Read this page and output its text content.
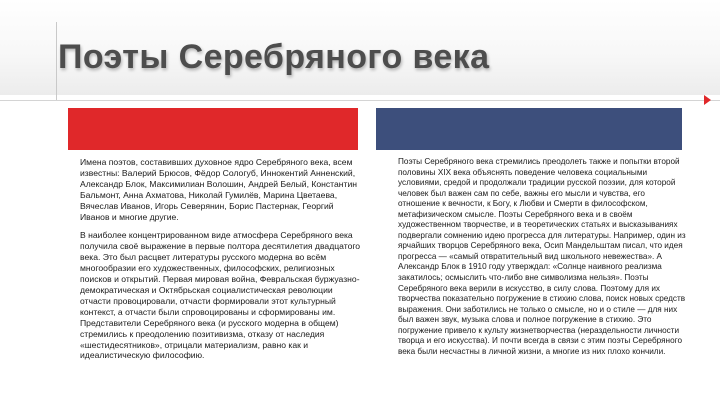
Поэты Серебряного века

Имена поэтов, составивших духовное ядро Серебряного века, всем известны: Валерий Брюсов, Фёдор Сологуб, Иннокентий Анненский, Александр Блок, Максимилиан Волошин, Андрей Белый, Константин Бальмонт, Анна Ахматова, Николай Гумилёв, Марина Цветаева, Вячеслав Иванов, Игорь Северянин, Борис Пастернак, Георгий Иванов и многие другие.

В наиболее концентрированном виде атмосфера Серебряного века получила своё выражение в первые полтора десятилетия двадцатого века. Это был расцвет литературы русского модерна во всём многообразии его художественных, философских, религиозных поисков и открытий. Первая мировая война, Февральская буржуазно-демократическая и Октябрьская социалистическая революции отчасти провоцировали, отчасти формировали этот культурный контекст, а отчасти были спровоцированы и сформированы им. Представители Серебряного века (и русского модерна в общем) стремились к преодолению позитивизма, отказу от наследия «шестидесятников», отрицали материализм, равно как и идеалистическую философию.

Поэты Серебряного века стремились преодолеть также и попытки второй половины XIX века объяснять поведение человека социальными условиями, средой и продолжали традиции русской поэзии, для которой человек был важен сам по себе, важны его мысли и чувства, его отношение к вечности, к Богу, к Любви и Смерти в философском, метафизическом смысле. Поэты Серебряного века и в своём художественном творчестве, и в теоретических статьях и высказываниях подвергали сомнению идею прогресса для литературы. Например, один из ярчайших творцов Серебряного века, Осип Мандельштам писал, что идея прогресса — «самый отвратительный вид школьного невежества». А Александр Блок в 1910 году утверждал: «Солнце наивного реализма закатилось; осмыслить что-либо вне символизма нельзя». Поэты Серебряного века верили в искусство, в силу слова. Поэтому для их творчества показательно погружение в стихию слова, поиск новых средств выражения. Они заботились не только о смысле, но и о стиле — для них был важен звук, музыка слова и полное погружение в стихию. Это погружение привело к культу жизнетворчества (нераздельности личности творца и его искусства). И почти всегда в связи с этим поэты Серебряного века были несчастны в личной жизни, а многие из них плохо кончили.
